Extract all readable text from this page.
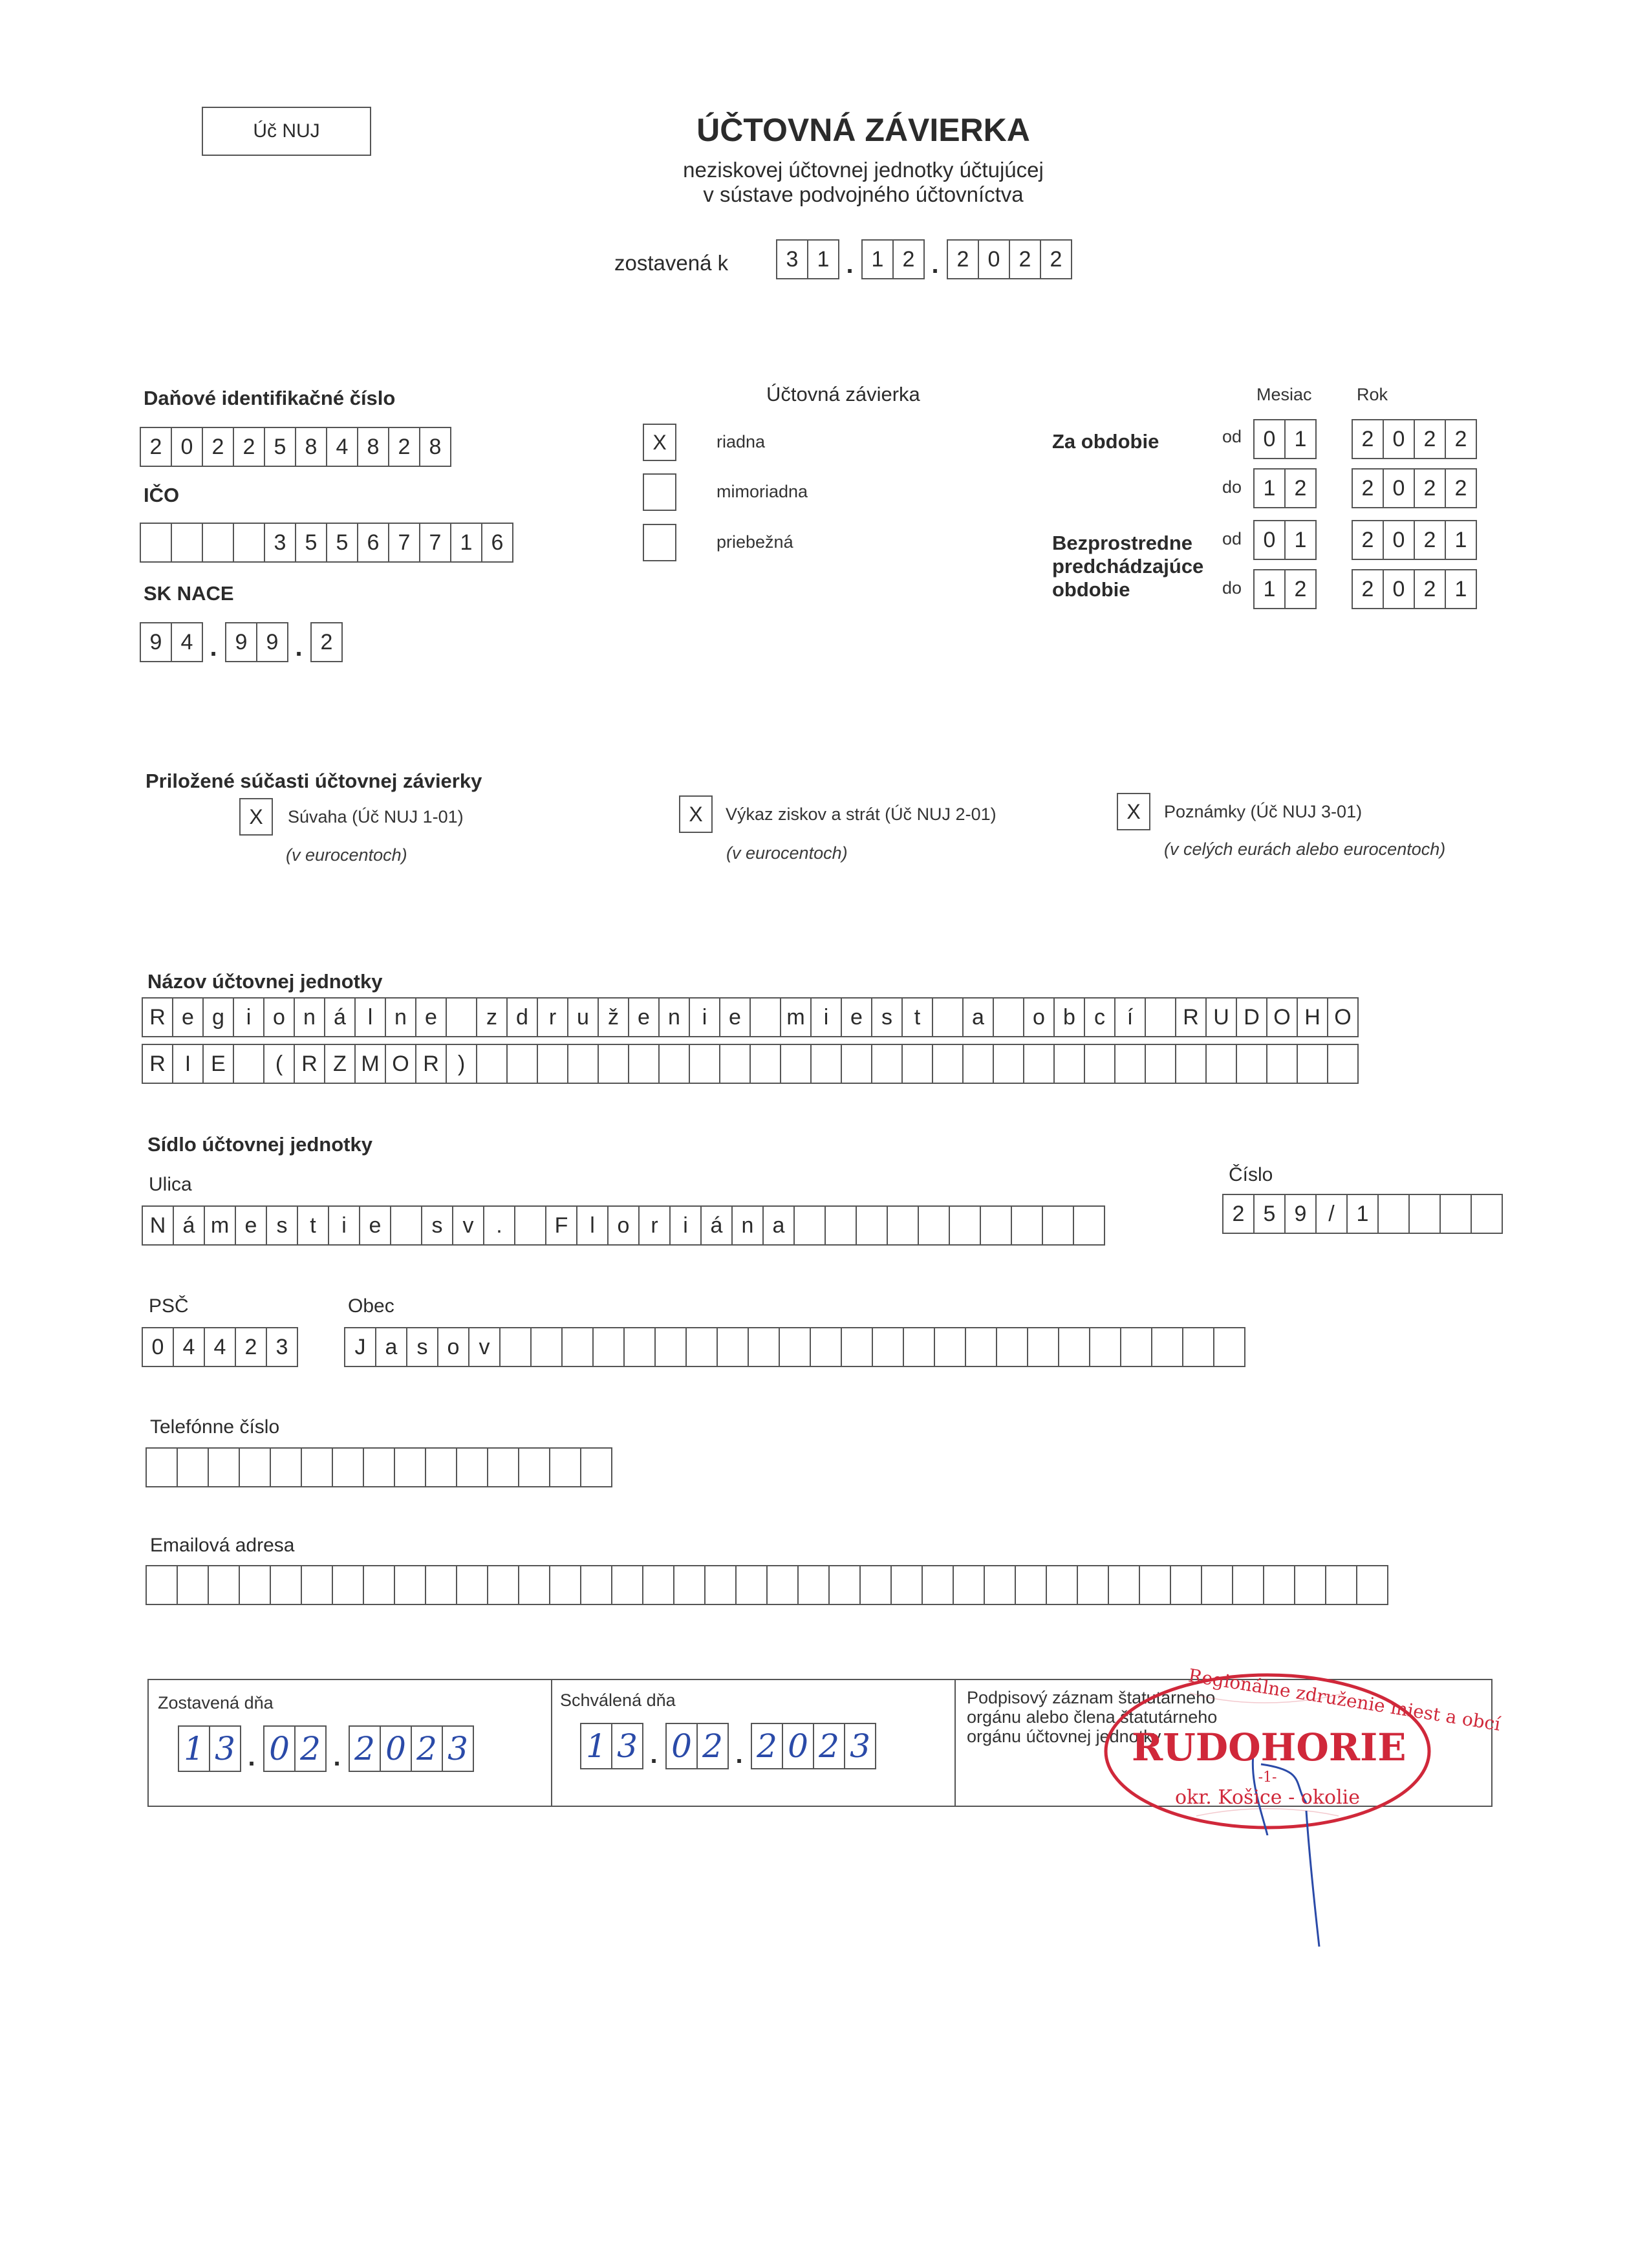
Úč NUJ	ÚČTOVNÁ ZÁVIERKA
neziskovej účtovnej jednotky účtujúcej
v sústave podvojného účtovníctva
zostavená k	3 1 . 1 2 . 2 0 2 2
Daňové identifikačné číslo
2 0 2 2 5 8 4 8 2 8
IČO
3 5 5 6 7 7 1 6
SK NACE
9 4 . 9 9 . 2
Účtovná závierka
X	riadna
mimoriadna
priebežná
Mesiac	Rok
Za obdobie	od 0 1	2 0 2 2
do 1 2	2 0 2 2
Bezprostredne predchádzajúce obdobie
od 0 1	2 0 2 1
do 1 2	2 0 2 1
Priložené súčasti účtovnej závierky
X	Súvaha (Úč NUJ 1-01)
(v eurocentoch)
X	Výkaz ziskov a strát (Úč NUJ 2-01)
(v eurocentoch)
X	Poznámky (Úč NUJ 3-01)
(v celých eurách alebo eurocentoch)
Názov účtovnej jednotky
R e g i o n á l n e	z d r u ž e n i e	m i e s t	a	o b c í	R U D O H O
R I E	( R Z M O R )
Sídlo účtovnej jednotky
Ulica
N á m e s	t	i	e	s v	.	F l	o r	i	á n a
Číslo
2 5 9 / 1
PSČ
0 4 4 2 3
Obec
J a s o v
Telefónne číslo
Emailová adresa
Zostavená dňa
1 3 . 0 2 . 2 0 2 3
Schválená dňa
1 3 . 0 2 . 2 0 2 3
Podpisový záznam štatutárneho
orgánu alebo člena štatutárneho
orgánu účtovnej jednotky
Regionálne združenie miest a obcí
RUDOHORIE
-1-
okr. Košice - okolie
